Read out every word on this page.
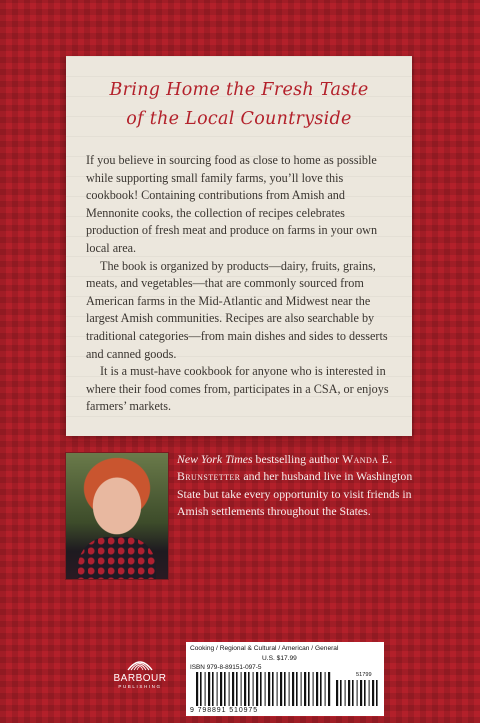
Bring Home the Fresh Taste
of the Local Countryside

If you believe in sourcing food as close to home as possible while supporting small family farms, you’ll love this cookbook! Containing contributions from Amish and Mennonite cooks, the collection of recipes celebrates production of fresh meat and produce on farms in your own local area.

The book is organized by products—dairy, fruits, grains, meats, and vegetables—that are commonly sourced from American farms in the Mid-Atlantic and Midwest near the largest Amish communities. Recipes are also searchable by traditional categories—from main dishes and sides to desserts and canned goods.

It is a must-have cookbook for anyone who is interested in where their food comes from, participates in a CSA, or enjoys farmers’ markets.

New York Times bestselling author Wanda E. Brunstetter and her husband live in Washington State but take every opportunity to visit friends in Amish settlements throughout the States.
BARBOUR
PUBLISHING
Cooking / Regional & Cultural / American / General
U.S. $17.99
ISBN 979-8-89151-097-5
51799
9 798891 510975
